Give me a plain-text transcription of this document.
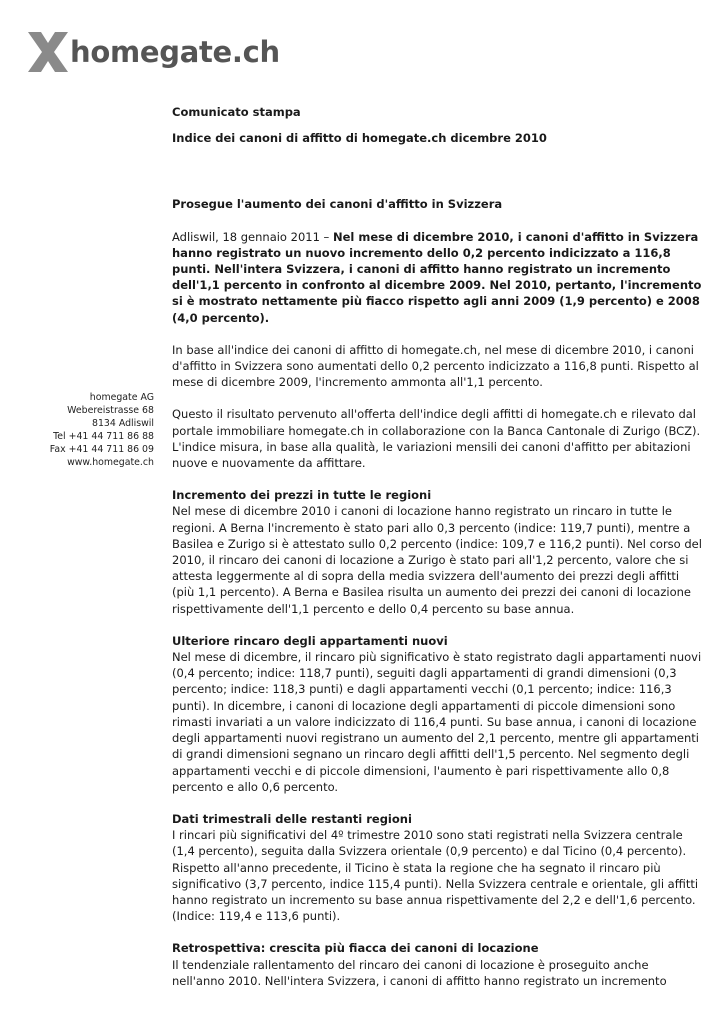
homegate.ch
homegate AG
Webereistrasse 68
8134 Adliswil
Tel +41 44 711 86 88
Fax +41 44 711 86 09
www.homegate.ch

Comunicato stampa

Indice dei canoni di affitto di homegate.ch dicembre 2010

Prosegue l'aumento dei canoni d'affitto in Svizzera

Adliswil, 18 gennaio 2011 – Nel mese di dicembre 2010, i canoni d'affitto in Svizzera hanno registrato un nuovo incremento dello 0,2 percento indicizzato a 116,8 punti. Nell'intera Svizzera, i canoni di affitto hanno registrato un incremento dell'1,1 percento in confronto al dicembre 2009. Nel 2010, pertanto, l'incremento si è mostrato nettamente più fiacco rispetto agli anni 2009 (1,9 percento) e 2008 (4,0 percento).

In base all'indice dei canoni di affitto di homegate.ch, nel mese di dicembre 2010, i canoni d'affitto in Svizzera sono aumentati dello 0,2 percento indicizzato a 116,8 punti. Rispetto al mese di dicembre 2009, l'incremento ammonta all'1,1 percento.

Questo il risultato pervenuto all'offerta dell'indice degli affitti di homegate.ch e rilevato dal portale immobiliare homegate.ch in collaborazione con la Banca Cantonale di Zurigo (BCZ). L'indice misura, in base alla qualità, le variazioni mensili dei canoni d'affitto per abitazioni nuove e nuovamente da affittare.

Incremento dei prezzi in tutte le regioni

Nel mese di dicembre 2010 i canoni di locazione hanno registrato un rincaro in tutte le regioni. A Berna l'incremento è stato pari allo 0,3 percento (indice: 119,7 punti), mentre a Basilea e Zurigo si è attestato sullo 0,2 percento (indice: 109,7 e 116,2 punti). Nel corso del 2010, il rincaro dei canoni di locazione a Zurigo è stato pari all'1,2 percento, valore che si attesta leggermente al di sopra della media svizzera dell'aumento dei prezzi degli affitti (più 1,1 percento). A Berna e Basilea risulta un aumento dei prezzi dei canoni di locazione rispettivamente dell'1,1 percento e dello 0,4 percento su base annua.

Ulteriore rincaro degli appartamenti nuovi

Nel mese di dicembre, il rincaro più significativo è stato registrato dagli appartamenti nuovi (0,4 percento; indice: 118,7 punti), seguiti dagli appartamenti di grandi dimensioni (0,3 percento; indice: 118,3 punti) e dagli appartamenti vecchi (0,1 percento; indice: 116,3 punti). In dicembre, i canoni di locazione degli appartamenti di piccole dimensioni sono rimasti invariati a un valore indicizzato di 116,4 punti. Su base annua, i canoni di locazione degli appartamenti nuovi registrano un aumento del 2,1 percento, mentre gli appartamenti di grandi dimensioni segnano un rincaro degli affitti dell'1,5 percento. Nel segmento degli appartamenti vecchi e di piccole dimensioni, l'aumento è pari rispettivamente allo 0,8 percento e allo 0,6 percento.

Dati trimestrali delle restanti regioni

I rincari più significativi del 4º trimestre 2010 sono stati registrati nella Svizzera centrale (1,4 percento), seguita dalla Svizzera orientale (0,9 percento) e dal Ticino (0,4 percento). Rispetto all'anno precedente, il Ticino è stata la regione che ha segnato il rincaro più significativo (3,7 percento, indice 115,4 punti). Nella Svizzera centrale e orientale, gli affitti hanno registrato un incremento su base annua rispettivamente del 2,2 e dell'1,6 percento. (Indice: 119,4 e 113,6 punti).

Retrospettiva: crescita più fiacca dei canoni di locazione

Il tendenziale rallentamento del rincaro dei canoni di locazione è proseguito anche nell'anno 2010. Nell'intera Svizzera, i canoni di affitto hanno registrato un incremento
